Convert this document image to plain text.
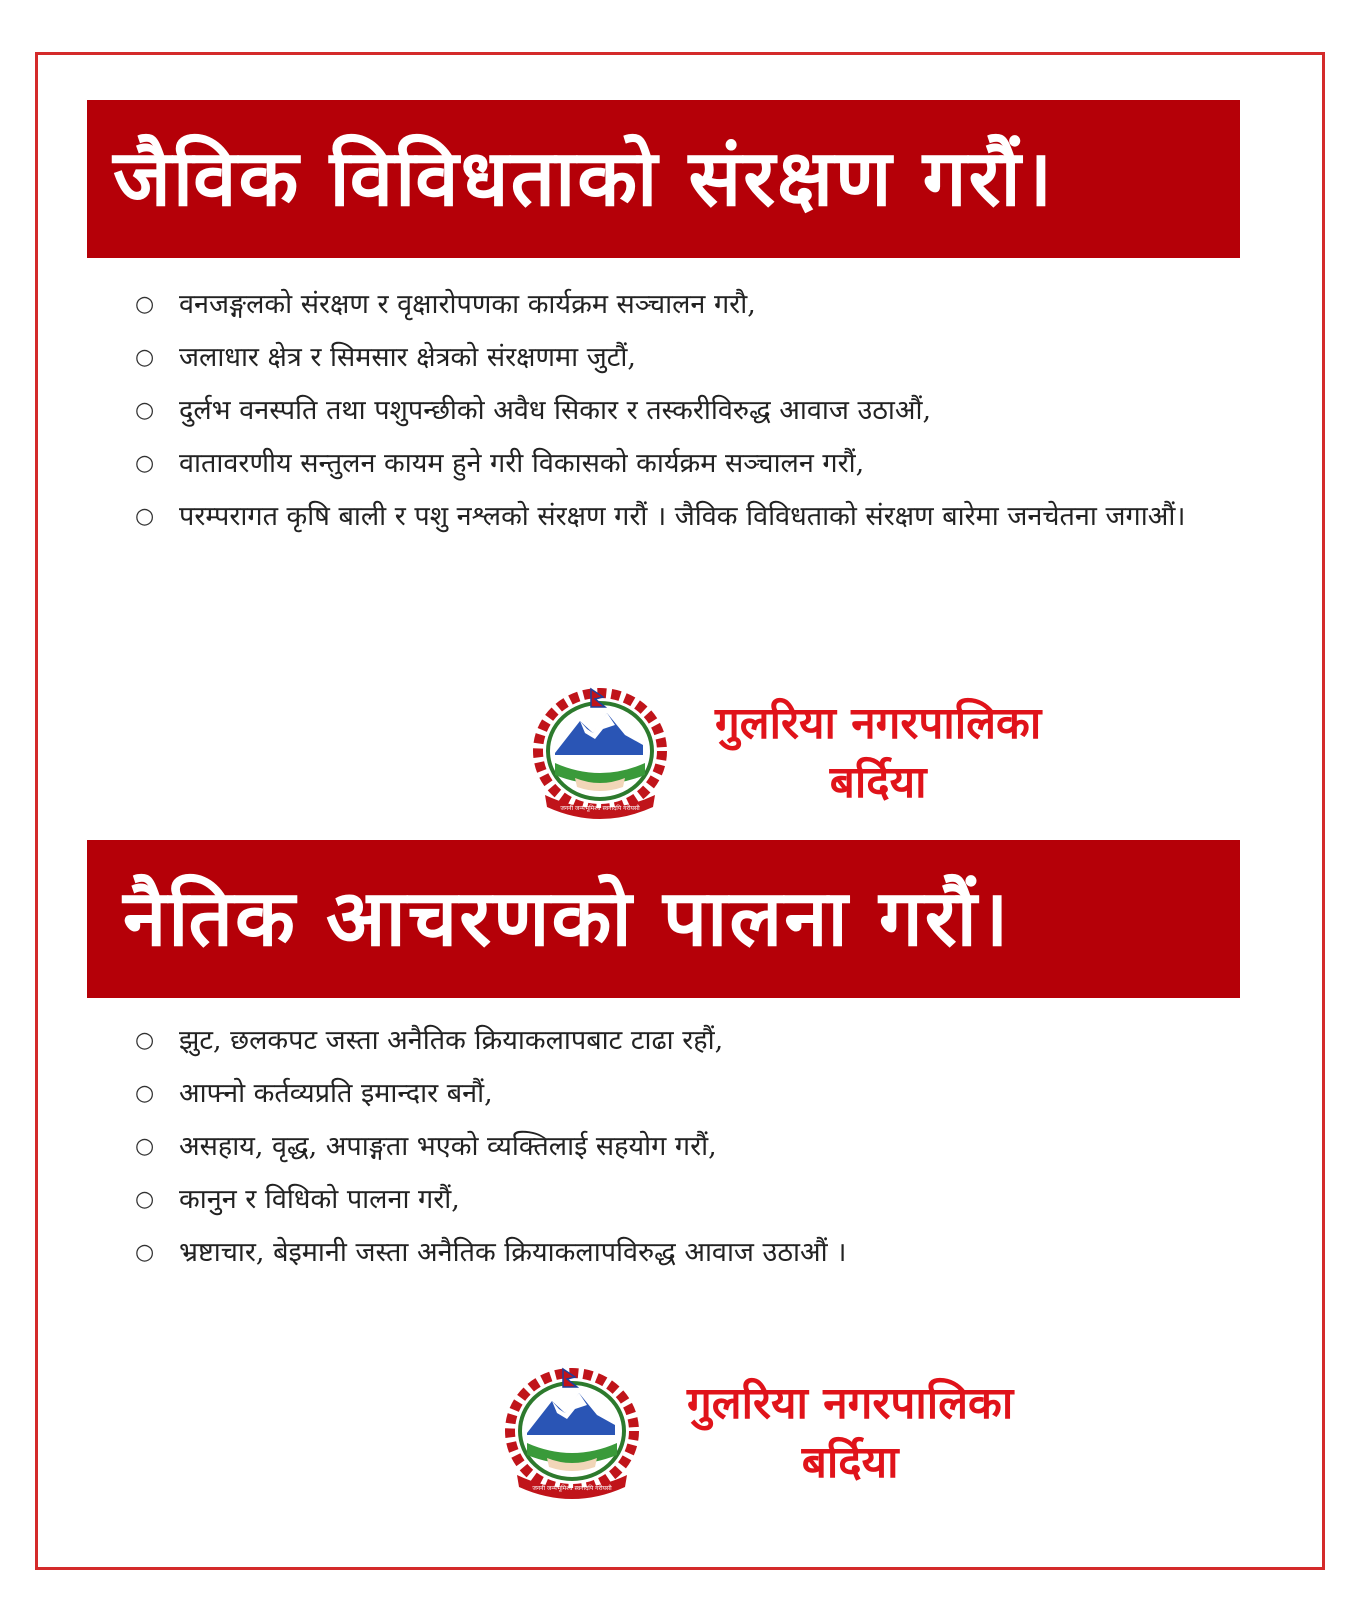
जैविक विविधताको संरक्षण गरौं।
○ वनजङ्गलको संरक्षण र वृक्षारोपणका कार्यक्रम सञ्चालन गरौ,
○ जलाधार क्षेत्र र सिमसार क्षेत्रको संरक्षणमा जुटौं,
○ दुर्लभ वनस्पति तथा पशुपन्छीको अवैध सिकार र तस्करीविरुद्ध आवाज उठाऔं,
○ वातावरणीय सन्तुलन कायम हुने गरी विकासको कार्यक्रम सञ्चालन गरौं,
○ परम्परागत कृषि बाली र पशु नश्लको संरक्षण गरौं । जैविक विविधताको संरक्षण बारेमा जनचेतना जगाऔं।
जननी जन्मभूमिश्च स्वर्गादपि गरीयसी
गुलरिया नगरपालिका
बर्दिया
नैतिक आचरणको पालना गरौं।
○ झुट, छलकपट जस्ता अनैतिक क्रियाकलापबाट टाढा रहौं,
○ आफ्नो कर्तव्यप्रति इमान्दार बनौं,
○ असहाय, वृद्ध, अपाङ्गता भएको व्यक्तिलाई सहयोग गरौं,
○ कानुन र विधिको पालना गरौं,
○ भ्रष्टाचार, बेइमानी जस्ता अनैतिक क्रियाकलापविरुद्ध आवाज उठाऔं ।
जननी जन्मभूमिश्च स्वर्गादपि गरीयसी
गुलरिया नगरपालिका
बर्दिया
